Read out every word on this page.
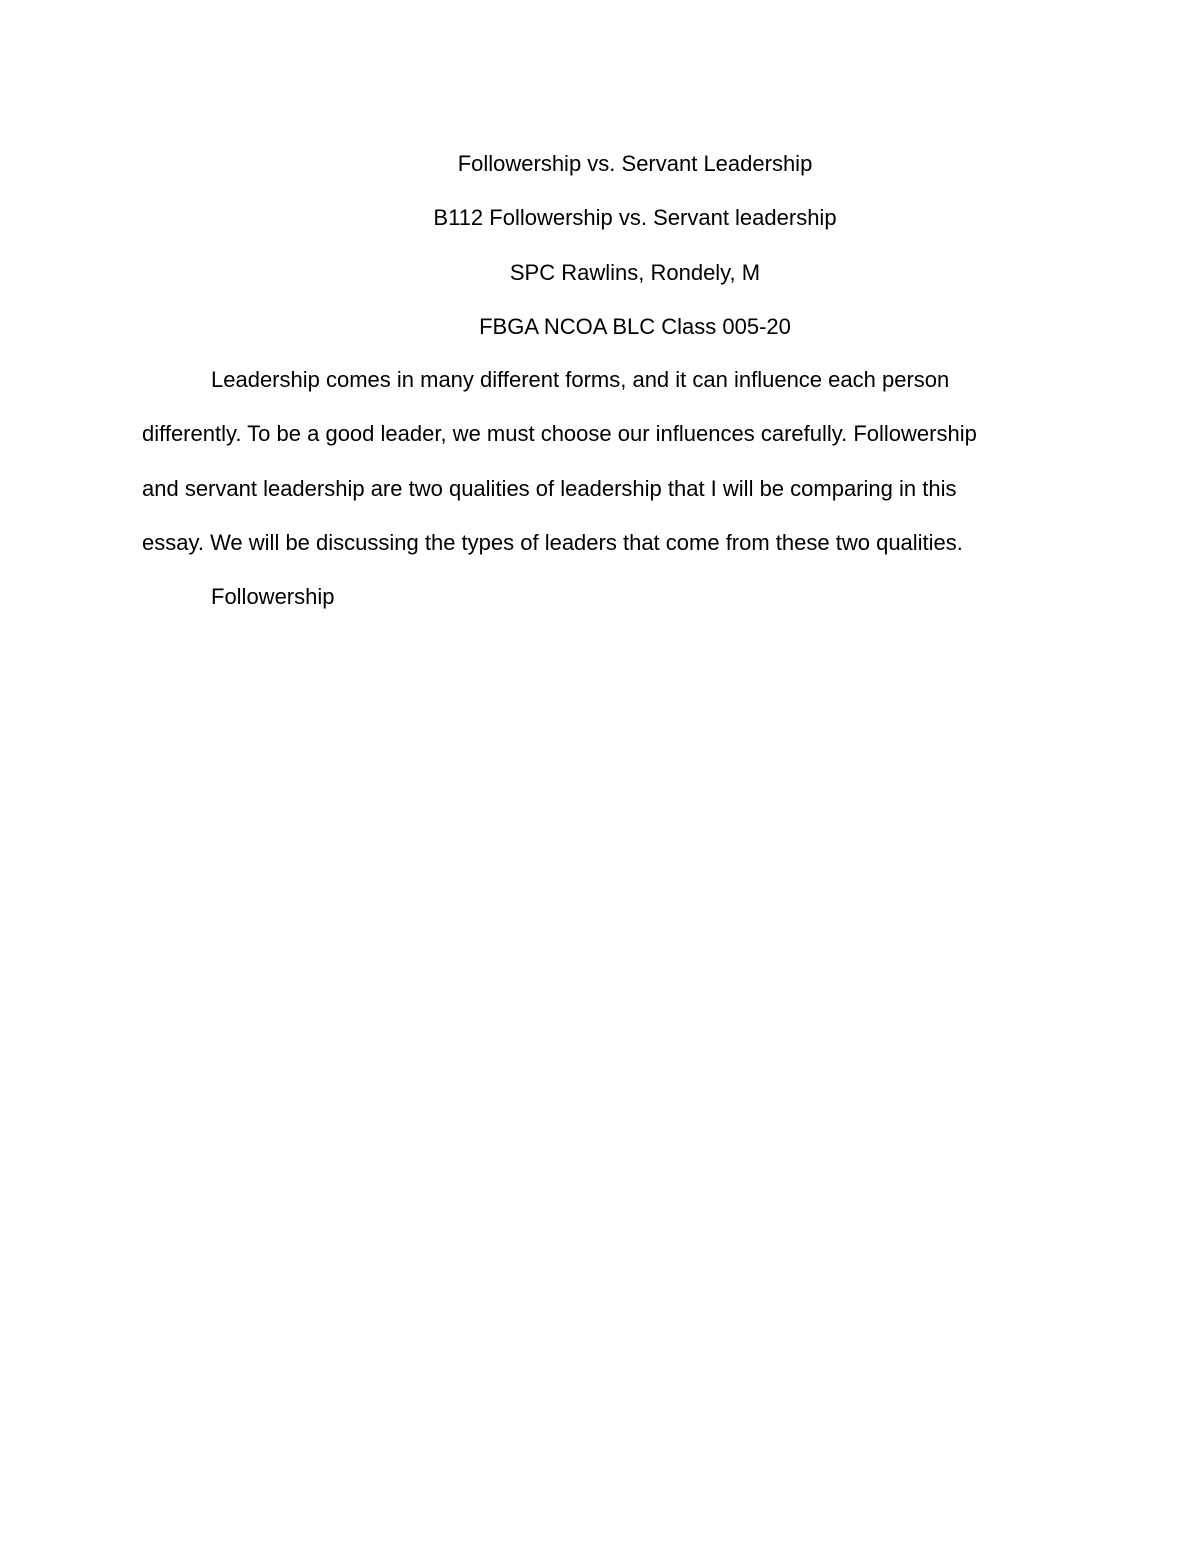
Followership vs. Servant Leadership
B112 Followership vs. Servant leadership
SPC Rawlins, Rondely, M
FBGA NCOA BLC Class 005-20
Leadership comes in many different forms, and it can influence each person
differently. To be a good leader, we must choose our influences carefully. Followership
and servant leadership are two qualities of leadership that I will be comparing in this
essay. We will be discussing the types of leaders that come from these two qualities.
Followership
